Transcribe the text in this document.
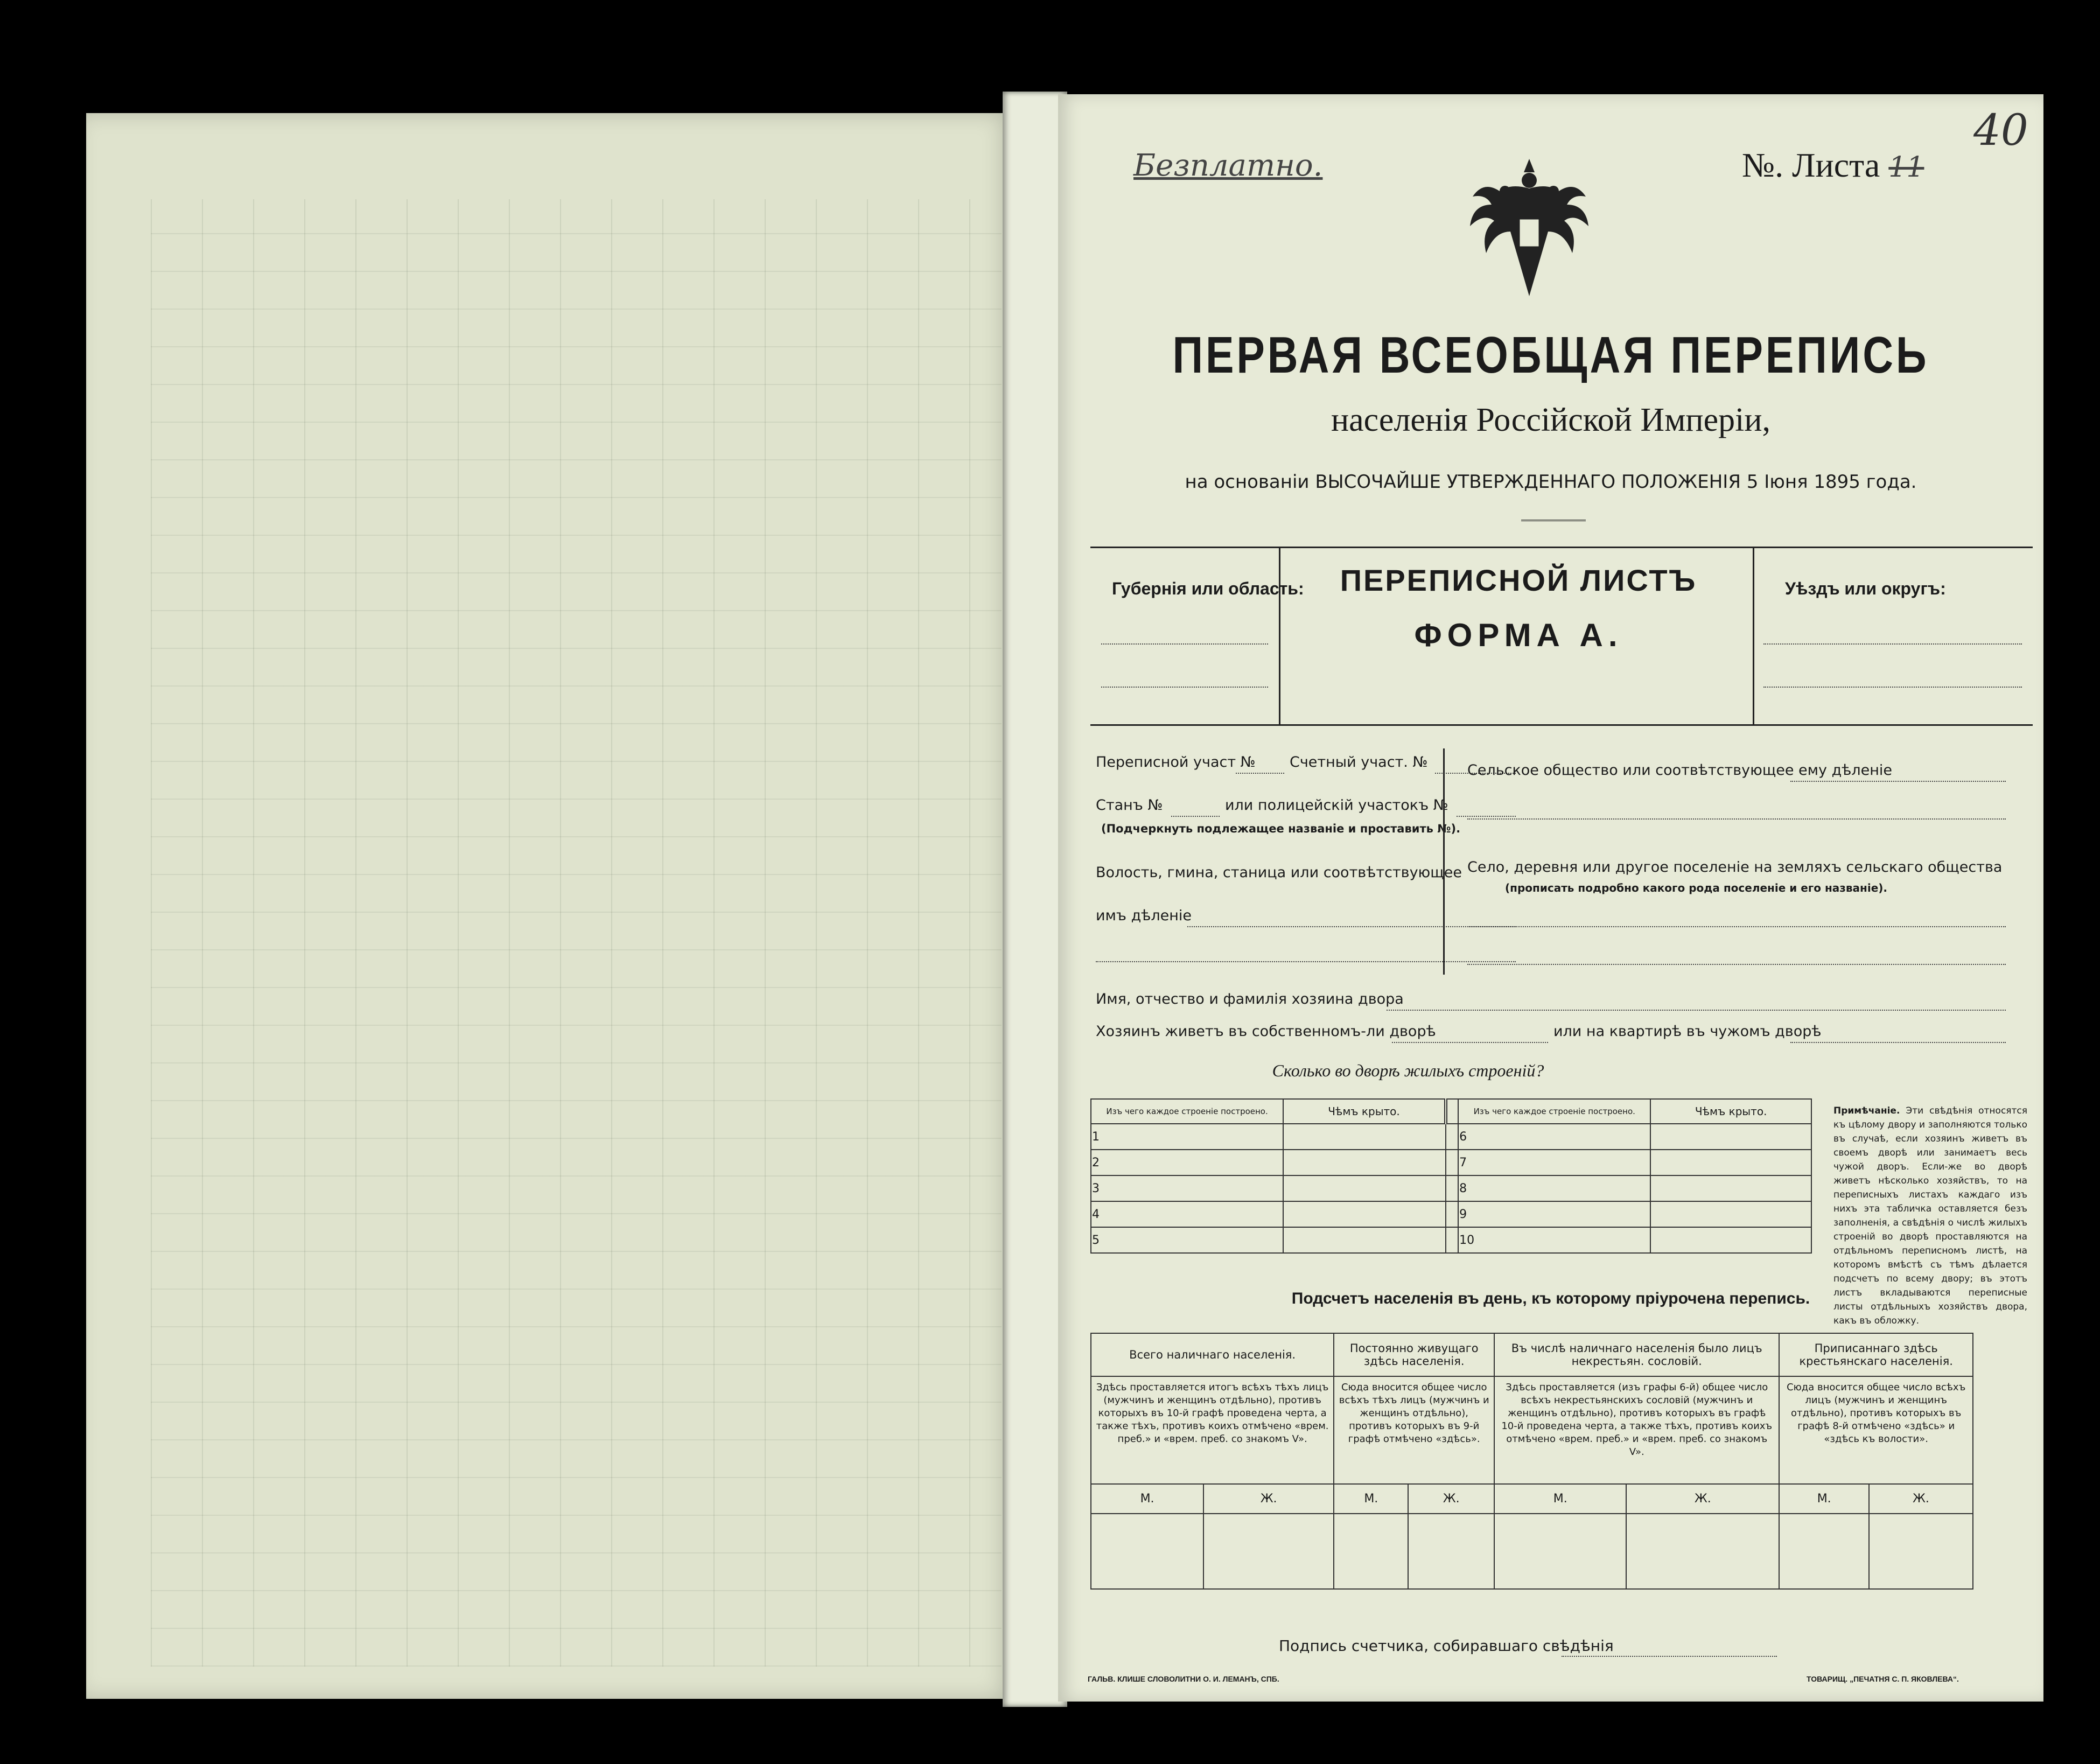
Безплатно.	№. Листа 11
40
ПЕРВАЯ ВСЕОБЩАЯ ПЕРЕПИСЬ
населенія Россійской Имперіи,
на основаніи ВЫСОЧАЙШЕ УТВЕРЖДЕННАГО ПОЛОЖЕНІЯ 5 Іюня 1895 года.
Губернія или область:	ПЕРЕПИСНОЙ ЛИСТЪ
ФОРМА А.
Уѣздъ или округъ:
Переписной участ № Счетный участ. №
Станъ №	или полицейскій участокъ №
(Подчеркнуть подлежащее названіе и проставить №).
Волость, гмина, станица или соотвѣтствующее
имъ дѣленіе
Сельское общество или соотвѣтствующее ему дѣленіе
Село, деревня или другое поселеніе на земляхъ сельскаго общества
(прописать подробно какого рода поселеніе и его названіе).
Имя, отчество и фамилія хозяина двора
Хозяинъ живетъ въ собственномъ-ли дворѣ	или на квартирѣ въ чужомъ дворѣ
Сколько во дворѣ жилыхъ строеній?
Изъ чего каждое строеніе построено.	Чѣмъ крыто.		Изъ чего каждое строеніе построено.	Чѣмъ крыто.
1			6	
2			7	
3			8	
4			9	
5			10	
Примѣчаніе. Эти свѣдѣнія относятся къ цѣлому двору и заполняются только въ случаѣ, если хозяинъ живетъ въ своемъ дворѣ или занимаетъ весь чужой дворъ. Если-же во дворѣ живетъ нѣсколько хозяйствъ, то на переписныхъ листахъ каждаго изъ нихъ эта табличка оставляется безъ заполненія, а свѣдѣнія о числѣ жилыхъ строеній во дворѣ проставляются на отдѣльномъ переписномъ листѣ, на которомъ вмѣстѣ съ тѣмъ дѣлается подсчетъ по всему двору; въ этотъ листъ вкладываются переписные листы отдѣльныхъ хозяйствъ двора, какъ въ обложку.
Подсчетъ населенія въ день, къ которому пріурочена перепись.
Всего наличнаго населенія.		Постоянно живущаго здѣсь населенія.		Въ числѣ наличнаго населенія было лицъ некрестьян. сословій.		Приписаннаго здѣсь крестьянскаго населенія.	
Здѣсь проставляется итогъ всѣхъ тѣхъ лицъ (мужчинъ и женщинъ отдѣльно), противъ которыхъ въ 10-й графѣ проведена черта, а также тѣхъ, противъ коихъ отмѣчено «врем. преб.» и «врем. преб. со знакомъ V».		Сюда вносится общее число всѣхъ тѣхъ лицъ (мужчинъ и женщинъ отдѣльно), противъ которыхъ въ 9-й графѣ отмѣчено «здѣсь».		Здѣсь проставляется (изъ графы 6-й) общее число всѣхъ некрестьянскихъ сословій (мужчинъ и женщинъ отдѣльно), противъ которыхъ въ графѣ 10-й проведена черта, а также тѣхъ, противъ коихъ отмѣчено «врем. преб.» и «врем. преб. со знакомъ V».		Сюда вносится общее число всѣхъ лицъ (мужчинъ и женщинъ отдѣльно), противъ которыхъ въ графѣ 8-й отмѣчено «здѣсь» и «здѣсь къ волости».	
М.	Ж.	М.	Ж.	М.	Ж.	М.	Ж.

Подпись счетчика, собиравшаго свѣдѣнія
ГАЛЬВ. КЛИШЕ СЛОВОЛИТНИ О. И. ЛЕМАНЪ, СПБ.	ТОВАРИЩ. „ПЕЧАТНЯ С. П. ЯКОВЛЕВА“.
